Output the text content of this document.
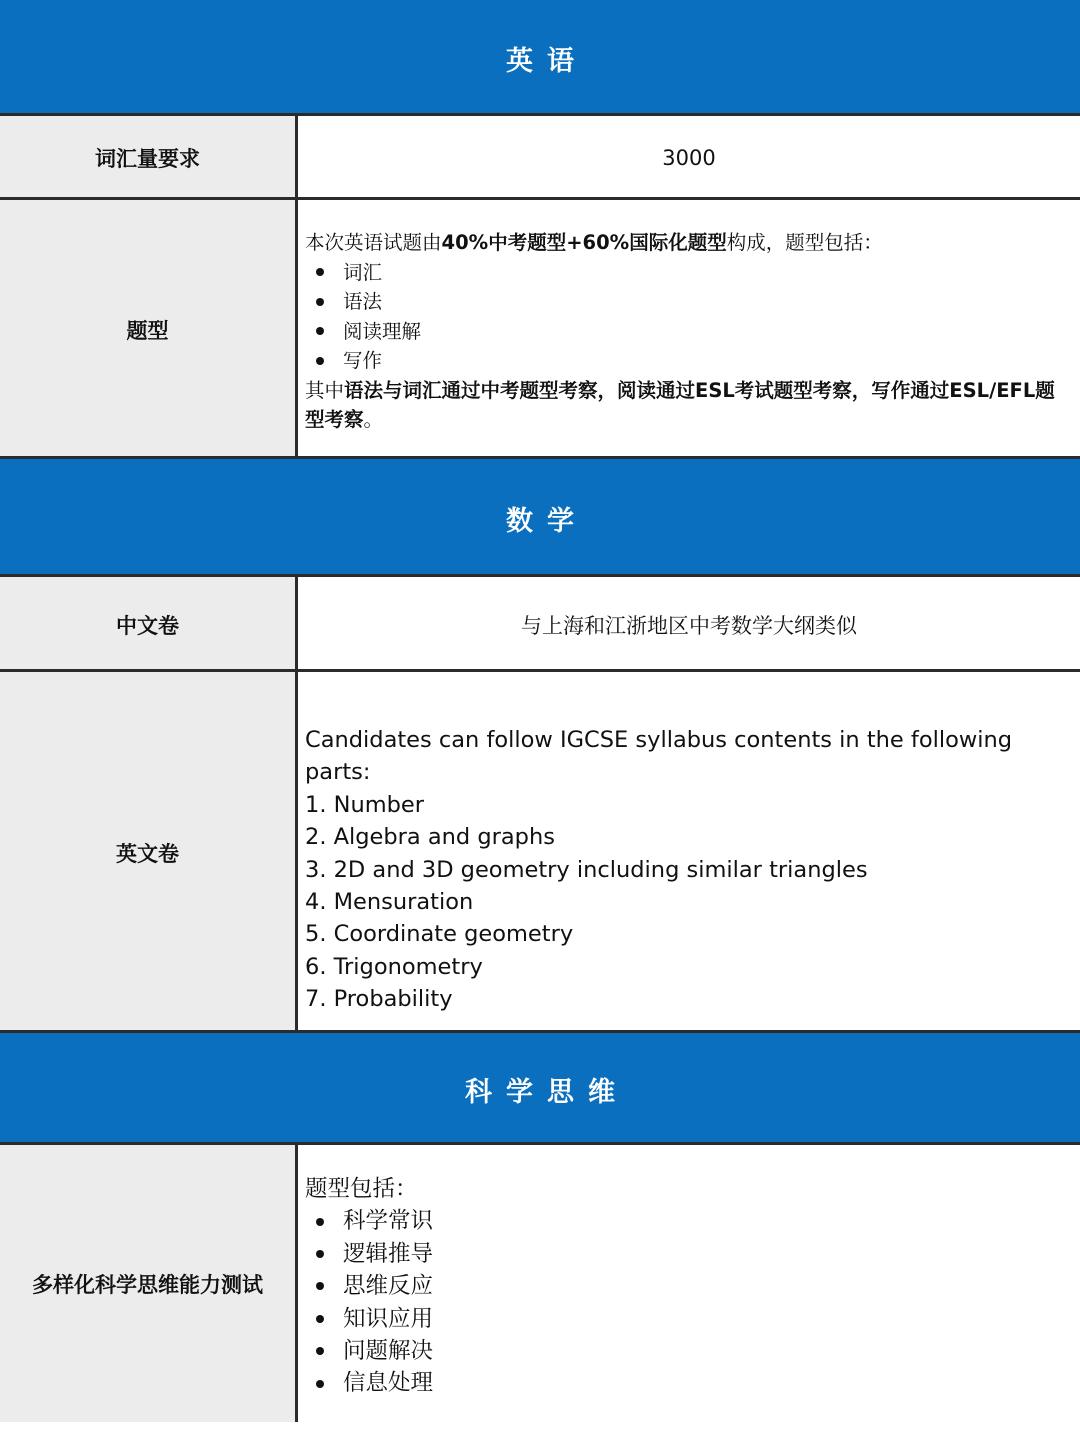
英语
词汇量要求	3000
题型

本次英语试题由40%中考题型+60%国际化题型构成，题型包括：

词汇
语法
阅读理解
写作

其中语法与词汇通过中考题型考察，阅读通过ESL考试题型考察，写作通过ESL/EFL题型考察。

数学
中文卷	与上海和江浙地区中考数学大纲类似
英文卷

Candidates can follow IGCSE syllabus contents in the following parts:

1. Number

2. Algebra and graphs

3. 2D and 3D geometry including similar triangles

4. Mensuration

5. Coordinate geometry

6. Trigonometry

7. Probability

科学思维
多样化科学思维能力测试

题型包括：

科学常识
逻辑推导
思维反应
知识应用
问题解决
信息处理
